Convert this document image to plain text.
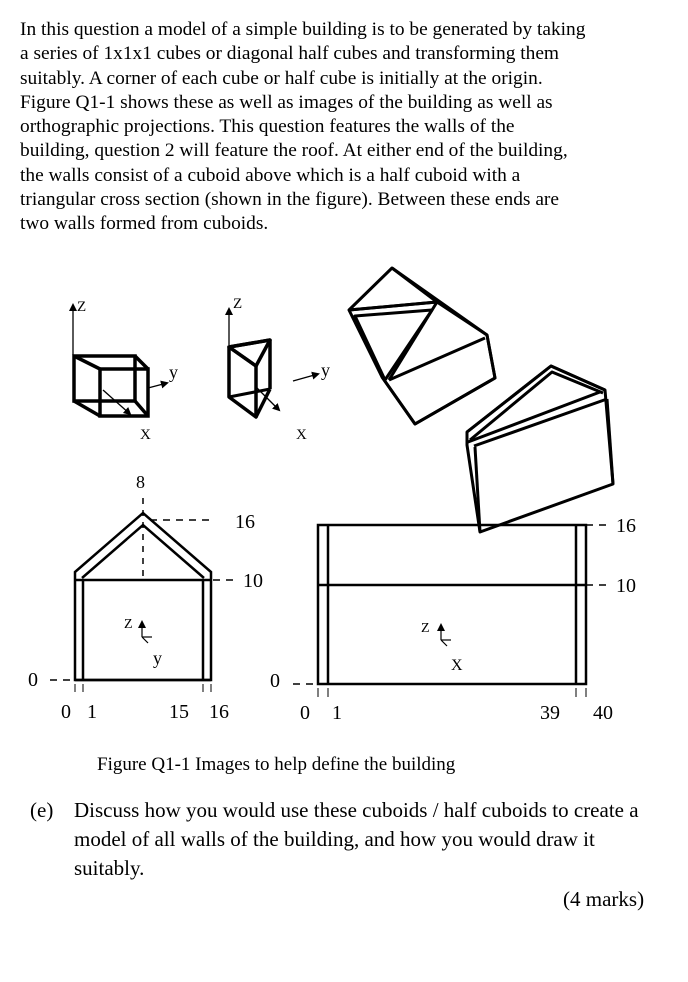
In this question a model of a simple building is to be generated by taking
a series of 1x1x1 cubes or diagonal half cubes and transforming them
suitably. A corner of each cube or half cube is initially at the origin.
Figure Q1-1 shows these as well as images of the building as well as
orthographic projections. This question features the walls of the
building, question 2 will feature the roof. At either end of the building,
the walls consist of a cuboid above which is a half cuboid with a
triangular cross section (shown in the figure). Between these ends are
two walls formed from cuboids.
Z
y
X
Z
y
X
8
16
10
0
0 1	15 16
Z
y
16
10
0
0 1	39 40
Z
X
Figure Q1-1 Images to help define the building
(e) Discuss how you would use these cuboids / half cuboids to create a
model of all walls of the building, and how you would draw it
suitably.
(4 marks)
